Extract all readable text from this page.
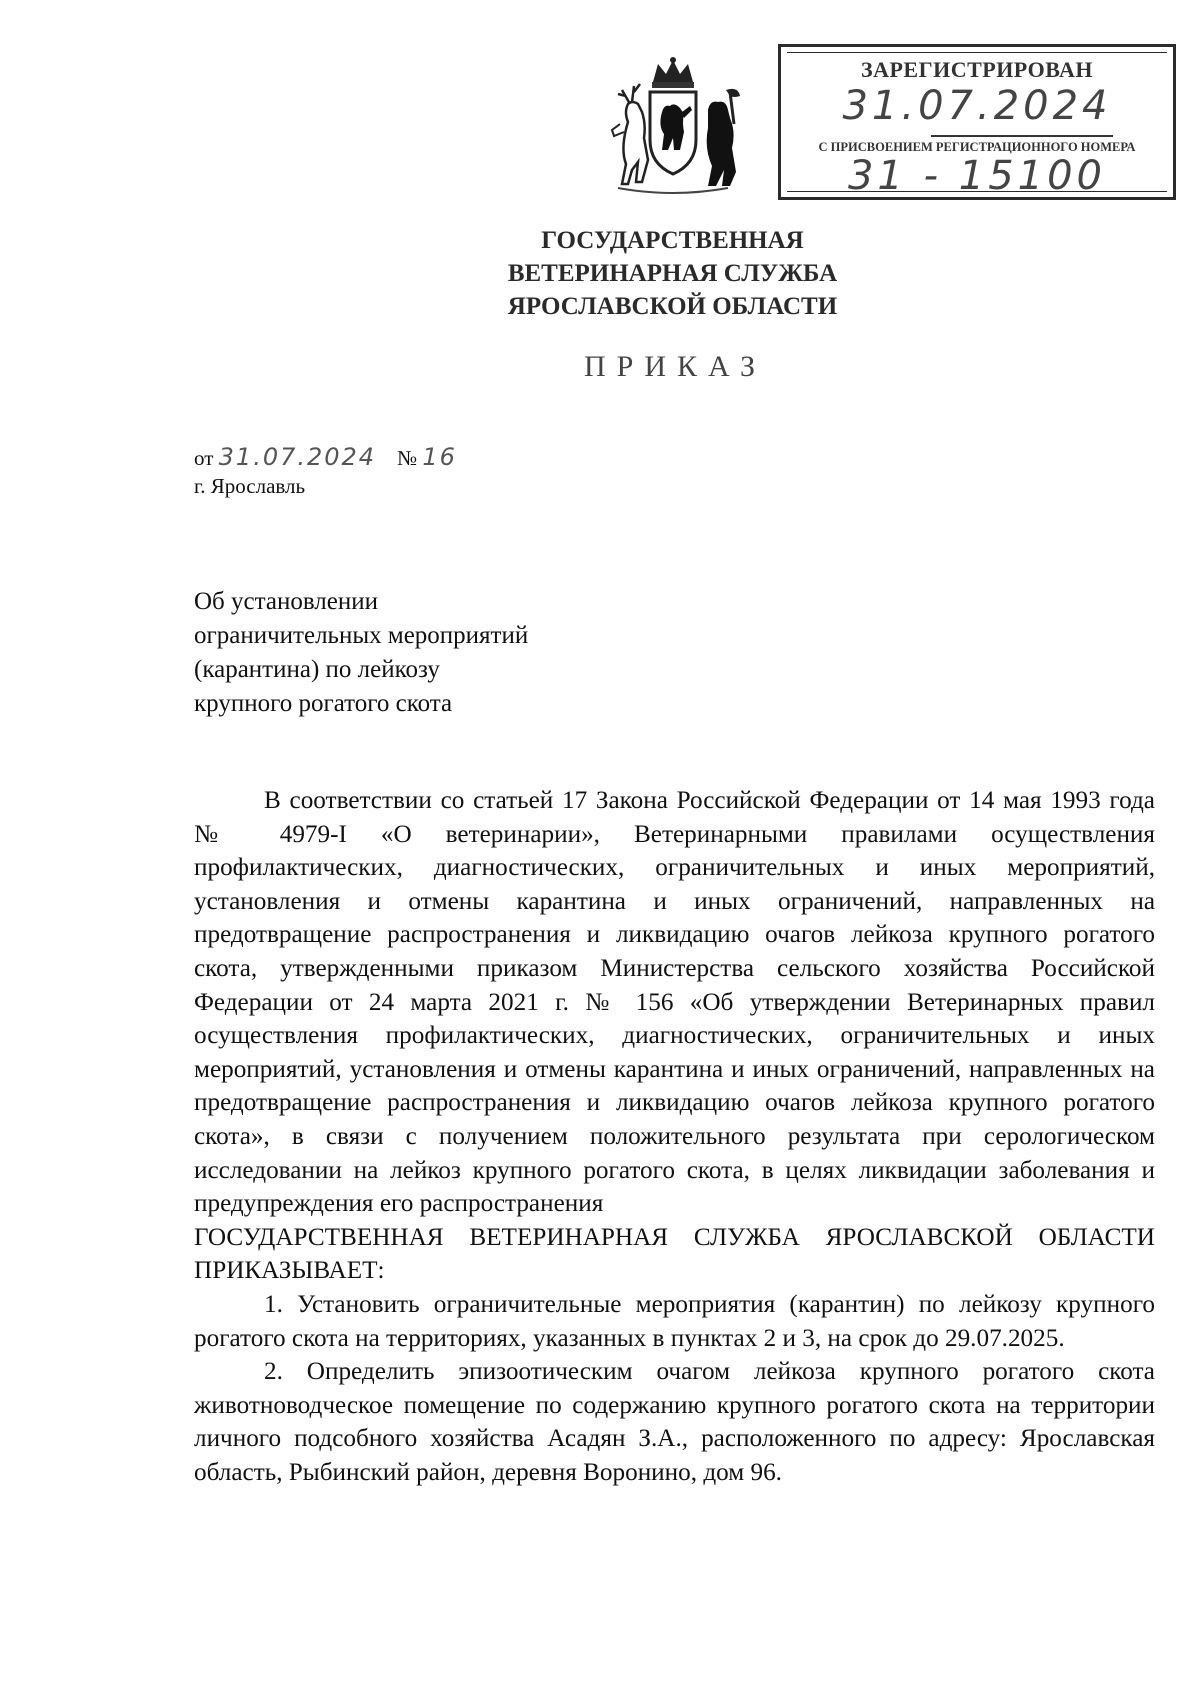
ЗАРЕГИСТРИРОВАН
31.07.2024
С ПРИСВОЕНИЕМ РЕГИСТРАЦИОННОГО НОМЕРА
31 - 15100
ГОСУДАРСТВЕННАЯ
ВЕТЕРИНАРНАЯ СЛУЖБА
ЯРОСЛАВСКОЙ ОБЛАСТИ
ПРИКАЗ
от 31.07.2024 № 16
г. Ярославль
Об установлении
ограничительных мероприятий
(карантина) по лейкозу
крупного рогатого скота

В соответствии со статьей 17 Закона Российской Федерации от 14 мая 1993 года № 4979-I «О ветеринарии», Ветеринарными правилами осуществления профилактических, диагностических, ограничительных и иных мероприятий, установления и отмены карантина и иных ограничений, направленных на предотвращение распространения и ликвидацию очагов лейкоза крупного рогатого скота, утвержденными приказом Министерства сельского хозяйства Российской Федерации от 24 марта 2021 г. № 156 «Об утверждении Ветеринарных правил осуществления профилактических, диагностических, ограничительных и иных мероприятий, установления и отмены карантина и иных ограничений, направленных на предотвращение распространения и ликвидацию очагов лейкоза крупного рогатого скота», в связи с получением положительного результата при серологическом исследовании на лейкоз крупного рогатого скота, в целях ликвидации заболевания и предупреждения его распространения

ГОСУДАРСТВЕННАЯ ВЕТЕРИНАРНАЯ СЛУЖБА ЯРОСЛАВСКОЙ ОБЛАСТИ ПРИКАЗЫВАЕТ:

1. Установить ограничительные мероприятия (карантин) по лейкозу крупного рогатого скота на территориях, указанных в пунктах 2 и 3, на срок до 29.07.2025.

2. Определить эпизоотическим очагом лейкоза крупного рогатого скота животноводческое помещение по содержанию крупного рогатого скота на территории личного подсобного хозяйства Асадян З.А., расположенного по адресу: Ярославская область, Рыбинский район, деревня Воронино, дом 96.
